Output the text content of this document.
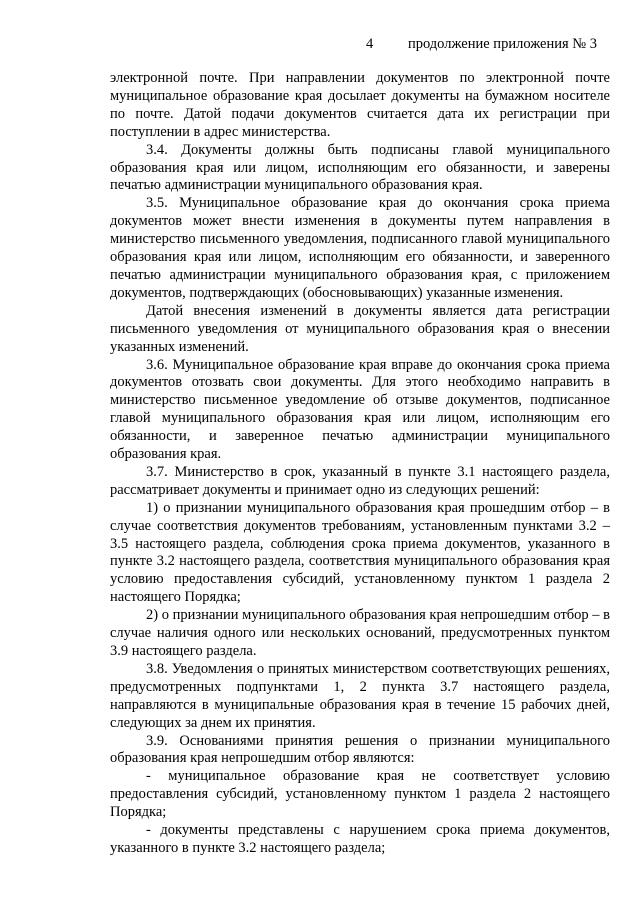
4 продолжение приложения № 3

электронной почте. При направлении документов по электронной почте муниципальное образование края досылает документы на бумажном носителе по почте. Датой подачи документов считается дата их регистрации при поступлении в адрес министерства.

3.4. Документы должны быть подписаны главой муниципального образования края или лицом, исполняющим его обязанности, и заверены печатью администрации муниципального образования края.

3.5. Муниципальное образование края до окончания срока приема документов может внести изменения в документы путем направления в министерство письменного уведомления, подписанного главой муниципального образования края или лицом, исполняющим его обязанности, и заверенного печатью администрации муниципального образования края, с приложением документов, подтверждающих (обосновывающих) указанные изменения.

Датой внесения изменений в документы является дата регистрации письменного уведомления от муниципального образования края о внесении указанных изменений.

3.6. Муниципальное образование края вправе до окончания срока приема документов отозвать свои документы. Для этого необходимо направить в министерство письменное уведомление об отзыве документов, подписанное главой муниципального образования края или лицом, исполняющим его обязанности, и заверенное печатью администрации муниципального образования края.

3.7. Министерство в срок, указанный в пункте 3.1 настоящего раздела, рассматривает документы и принимает одно из следующих решений:

1) о признании муниципального образования края прошедшим отбор – в случае соответствия документов требованиям, установленным пунктами 3.2 – 3.5 настоящего раздела, соблюдения срока приема документов, указанного в пункте 3.2 настоящего раздела, соответствия муниципального образования края условию предоставления субсидий, установленному пунктом 1 раздела 2 настоящего Порядка;

2) о признании муниципального образования края непрошедшим отбор – в случае наличия одного или нескольких оснований, предусмотренных пунктом 3.9 настоящего раздела.

3.8. Уведомления о принятых министерством соответствующих решениях, предусмотренных подпунктами 1, 2 пункта 3.7 настоящего раздела, направляются в муниципальные образования края в течение 15 рабочих дней, следующих за днем их принятия.

3.9. Основаниями принятия решения о признании муниципального образования края непрошедшим отбор являются:

- муниципальное образование края не соответствует условию предоставления субсидий, установленному пунктом 1 раздела 2 настоящего Порядка;

- документы представлены с нарушением срока приема документов, указанного в пункте 3.2 настоящего раздела;
